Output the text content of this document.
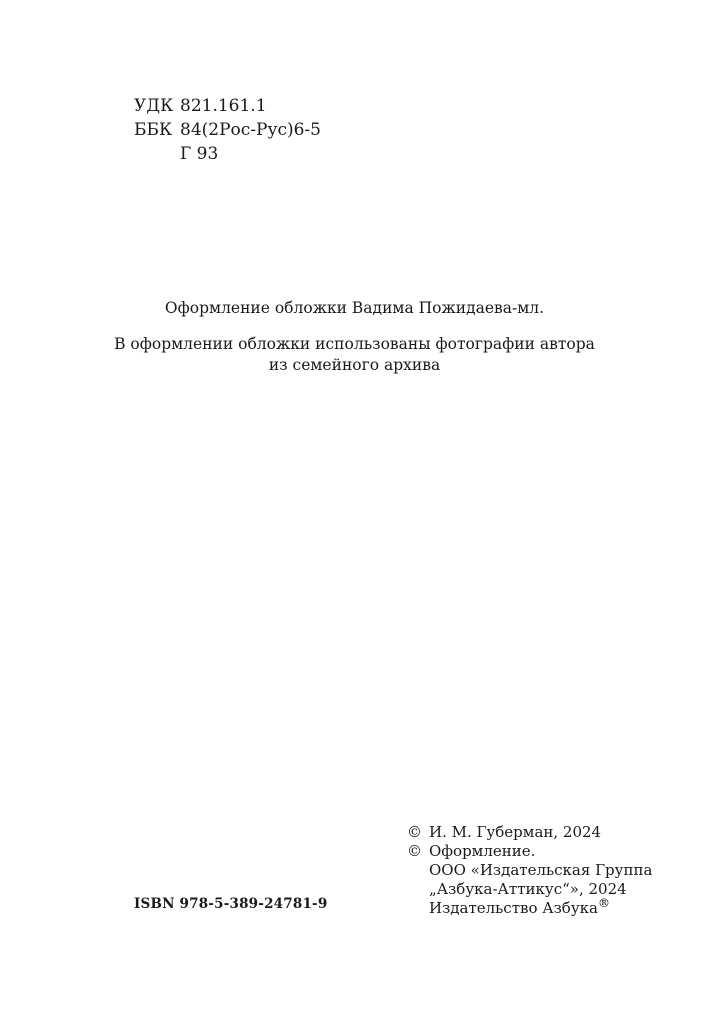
УДК 821.161.1
ББК 84(2Рос-Рус)6-5
Г 93

Оформление обложки Вадима Пожидаева-мл.

В оформлении обложки использованы фотографии автора
из семейного архива

ISBN 978-5-389-24781-9
© И. М. Губерман, 2024
© Оформление.
ООО «Издательская Группа
„Азбука-Аттикус“», 2024
Издательство Азбука®
